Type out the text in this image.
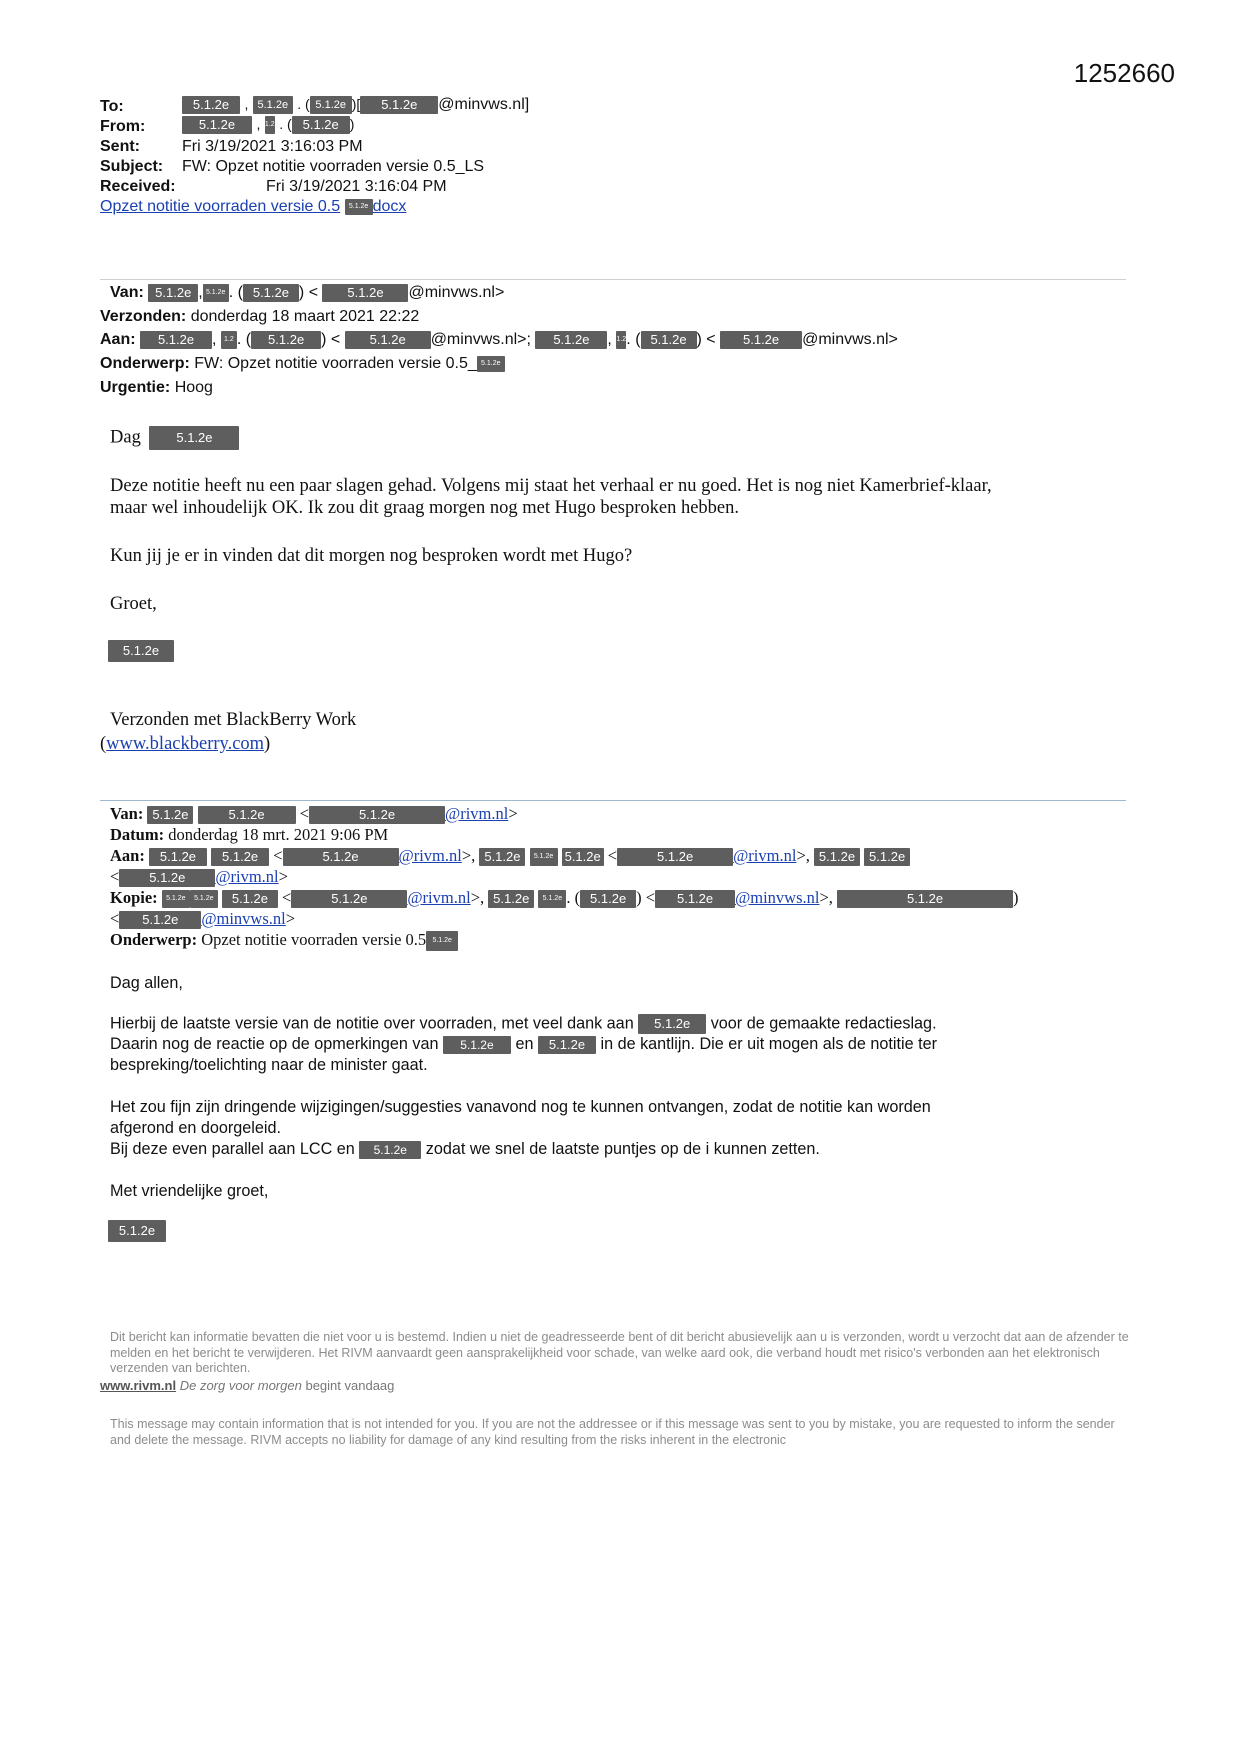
1252660
To:	5.1.2e , 5.1.2e . ( 5.1.2e )[ 5.1.2e @minvws.nl]
From:	5.1.2e , 1.2 . ( 5.1.2e )
Sent:	Fri 3/19/2021 3:16:03 PM
Subject: FW: Opzet notitie voorraden versie 0.5_LS
Received:	Fri 3/19/2021 3:16:04 PM
Opzet notitie voorraden versie 0.5 5.1.2e docx
Van: 5.1.2e , 5.1.2e . ( 5.1.2e ) < 5.1.2e @minvws.nl>
Verzonden: donderdag 18 maart 2021 22:22
Aan: 5.1.2e , 1.2 . ( 5.1.2e ) < 5.1.2e @minvws.nl>; 5.1.2e , 1.2. ( 5.1.2e ) < 5.1.2e @minvws.nl>
Onderwerp: FW: Opzet notitie voorraden versie 0.5_ 5.1.2e
Urgentie: Hoog
Dag	5.1.2e
Deze notitie heeft nu een paar slagen gehad. Volgens mij staat het verhaal er nu goed. Het is nog niet Kamerbrief-klaar,
maar wel inhoudelijk OK. Ik zou dit graag morgen nog met Hugo besproken hebben.
Kun jij je er in vinden dat dit morgen nog besproken wordt met Hugo?
Groet,
5.1.2e
Verzonden met BlackBerry Work
(www.blackberry.com)
Van: 5.1.2e	5.1.2e <	5.1.2e	@rivm.nl>
Datum: donderdag 18 mrt. 2021 9:06 PM
Aan: 5.1.2e 5.1.2e <	5.1.2e @rivm.nl>, 5.1.2e 5.1.2e 5.1.2e <	5.1.2e @rivm.nl>, 5.1.2e 5.1.2e
< 5.1.2e @rivm.nl>
Kopie: 5.1.2e 5.1.2e 5.1.2e <	5.1.2e @rivm.nl>, 5.1.2e 5.1.2e . ( 5.1.2e ) < 5.1.2e @minvws.nl>,	5.1.2e	)
< 5.1.2e @minvws.nl>
Onderwerp: Opzet notitie voorraden versie 0.5 5.1.2e
Dag allen,
Hierbij de laatste versie van de notitie over voorraden, met veel dank aan 5.1.2e voor de gemaakte redactieslag.
Daarin nog de reactie op de opmerkingen van 5.1.2e en 5.1.2e in de kantlijn. Die er uit mogen als de notitie ter
bespreking/toelichting naar de minister gaat.
Het zou fijn zijn dringende wijzigingen/suggesties vanavond nog te kunnen ontvangen, zodat de notitie kan worden
afgerond en doorgeleid.
Bij deze even parallel aan LCC en 5.1.2e zodat we snel de laatste puntjes op de i kunnen zetten.
Met vriendelijke groet,
5.1.2e
Dit bericht kan informatie bevatten die niet voor u is bestemd. Indien u niet de geadresseerde bent of dit bericht abusievelijk aan u is verzonden, wordt u verzocht dat aan de afzender te melden en het bericht te verwijderen. Het RIVM aanvaardt geen aansprakelijkheid voor schade, van welke aard ook, die verband houdt met risico's verbonden aan het elektronisch verzenden van berichten.
www.rivm.nl De zorg voor morgen begint vandaag
This message may contain information that is not intended for you. If you are not the addressee or if this message was sent to you by mistake, you are requested to inform the sender and delete the message. RIVM accepts no liability for damage of any kind resulting from the risks inherent in the electronic
